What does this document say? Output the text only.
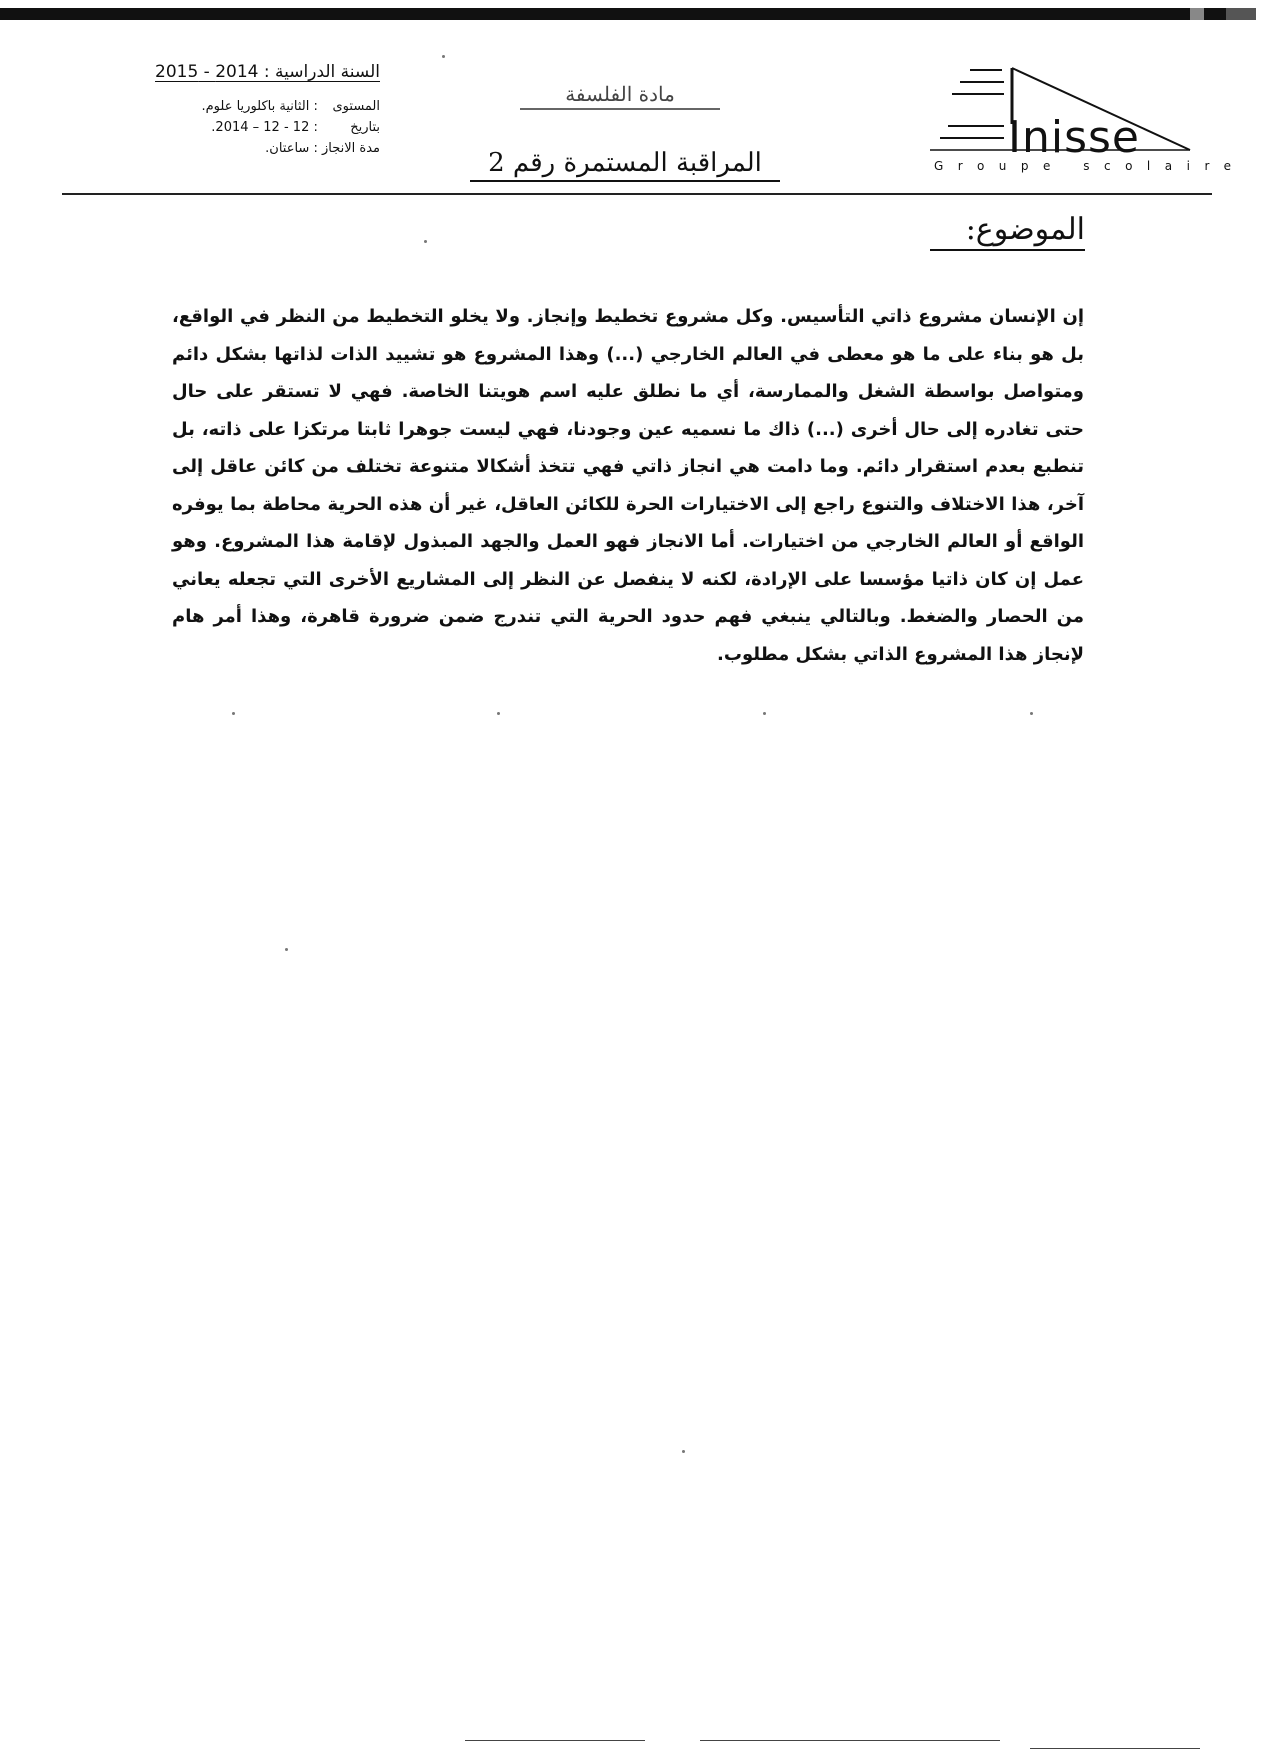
السنة الدراسية : 2014 - 2015
المستوى : الثانية باكلوريا علوم.
بتاريخ : 12 - 12 – 2014.
مدة الانجاز : ساعتان.
مادة الفلسفة
المراقبة المستمرة رقم 2	Inisse
Groupe scolaire
الموضوع:
إن الإنسان مشروع ذاتي التأسيس. وكل مشروع تخطيط وإنجاز. ولا يخلو التخطيط من النظر في الواقع، بل هو بناء على ما هو معطى في العالم الخارجي (...) وهذا المشروع هو تشييد الذات لذاتها بشكل دائم ومتواصل بواسطة الشغل والممارسة، أي ما نطلق عليه اسم هويتنا الخاصة. فهي لا تستقر على حال حتى تغادره إلى حال أخرى (...) ذاك ما نسميه عين وجودنا، فهي ليست جوهرا ثابتا مرتكزا على ذاته، بل تنطبع بعدم استقرار دائم. وما دامت هي انجاز ذاتي فهي تتخذ أشكالا متنوعة تختلف من كائن عاقل إلى آخر، هذا الاختلاف والتنوع راجع إلى الاختيارات الحرة للكائن العاقل، غير أن هذه الحرية محاطة بما يوفره الواقع أو العالم الخارجي من اختيارات. أما الانجاز فهو العمل والجهد المبذول لإقامة هذا المشروع. وهو عمل إن كان ذاتيا مؤسسا على الإرادة، لكنه لا ينفصل عن النظر إلى المشاريع الأخرى التي تجعله يعاني من الحصار والضغط. وبالتالي ينبغي فهم حدود الحرية التي تندرج ضمن ضرورة قاهرة، وهذا أمر هام لإنجاز هذا المشروع الذاتي بشكل مطلوب.
